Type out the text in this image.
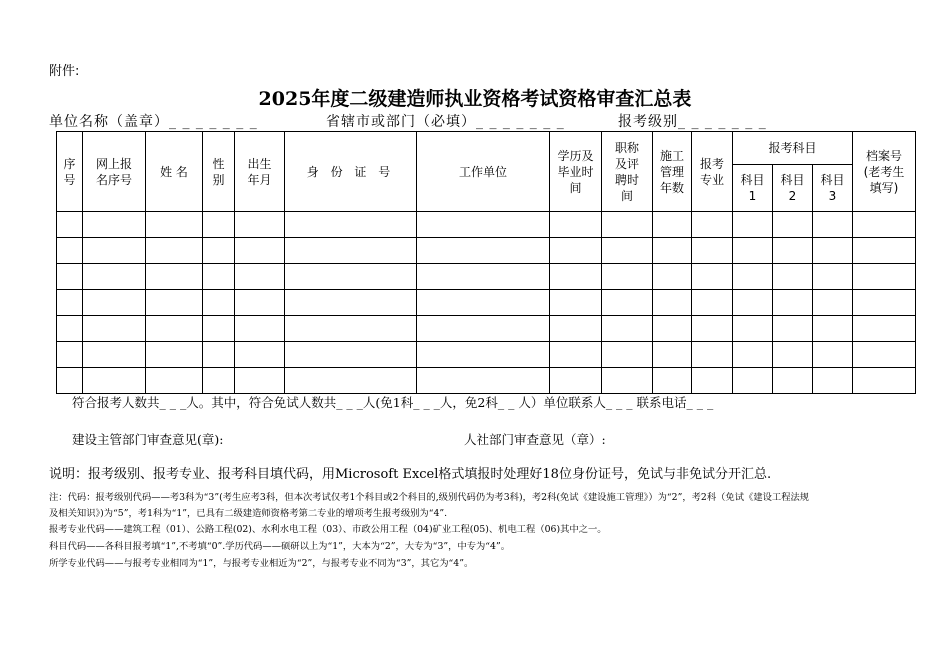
附件:
2025年度二级建造师执业资格考试资格审查汇总表
单位名称（盖章）_ _ _ _ _ _ _	省辖市或部门（必填）_ _ _ _ _ _ _	报考级别_ _ _ _ _ _ _
序号	网上报名序号	姓 名	性别	出生年月	身 份 证 号	工作单位	学历及毕业时间	职称及评聘时间	施工管理年数	报考专业	报考科目			档案号(老考生填写)

											科目1	科目2	科目3	

符合报考人数共_ _ _人。其中，符合免试人数共_ _ _人(免1科_ _ _人，免2科_ _ 人）单位联系人_ _ _ 联系电话_ _ _
建设主管部门审查意见(章):	人社部门审查意见（章）:
说明：报考级别、报考专业、报考科目填代码，用Microsoft Excel格式填报时处理好18位身份证号，免试与非免试分开汇总.
注：代码：报考级别代码——考3科为“3”(考生应考3科，但本次考试仅考1个科目或2个科目的,级别代码仍为考3科)，考2科(免试《建设施工管理》）为“2”，考2科（免试《建设工程法规
及相关知识》)为“5”，考1科为“1”，已具有二级建造师资格考第二专业的增项考生报考级别为“4”.
报考专业代码——建筑工程（01）、公路工程(02)、水利水电工程（03）、市政公用工程（04)矿业工程(05)、机电工程（06)其中之一。
科目代码——各科目报考填“1”,不考填“0”.学历代码——硕研以上为“1”，大本为“2”，大专为“3”，中专为“4”。
所学专业代码——与报考专业相同为“1”，与报考专业相近为“2”，与报考专业不同为“3”，其它为“4”。
